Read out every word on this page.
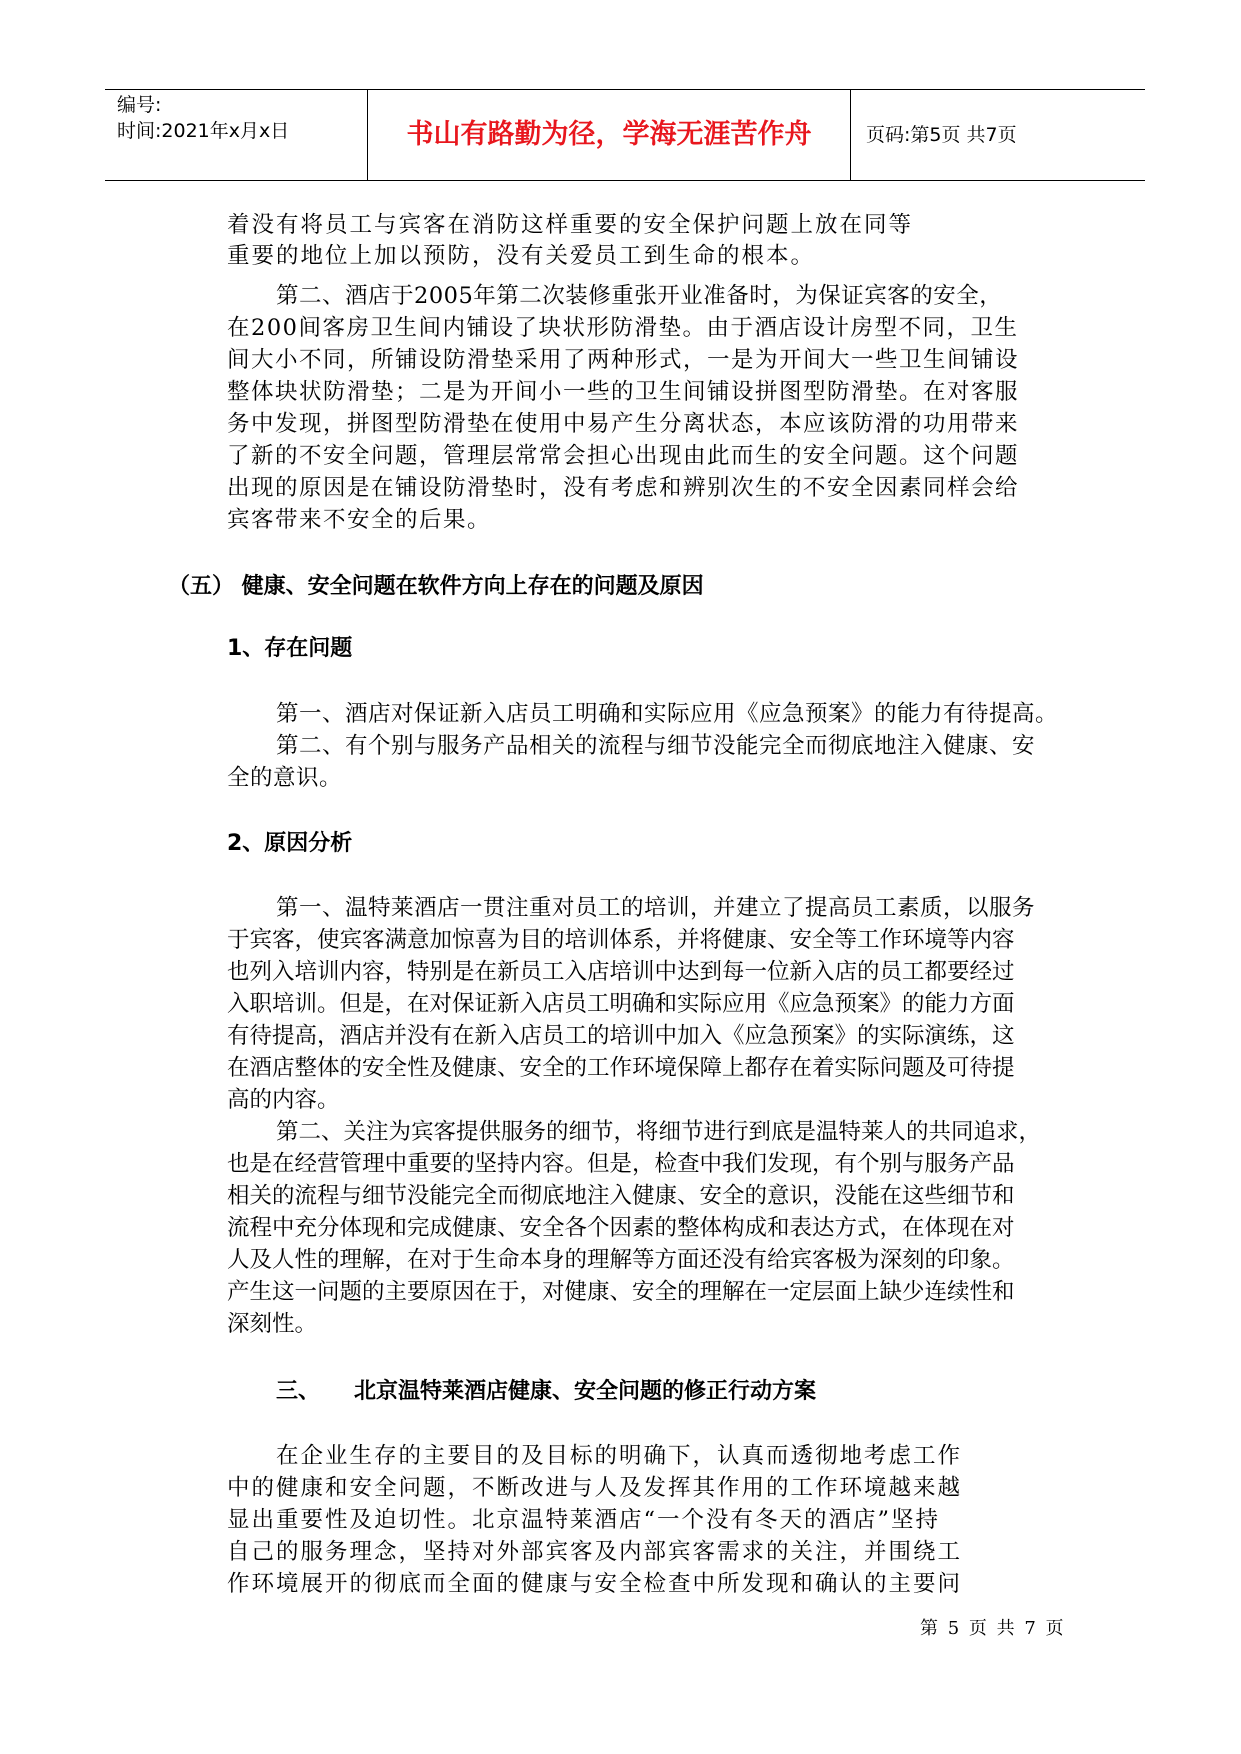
编号:
时间:2021年x月x日	书山有路勤为径，学海无涯苦作舟	页码:第5页 共7页
着没有将员工与宾客在消防这样重要的安全保护问题上放在同等
重要的地位上加以预防，没有关爱员工到生命的根本。
第二、酒店于2005年第二次装修重张开业准备时，为保证宾客的安全，
在200间客房卫生间内铺设了块状形防滑垫。由于酒店设计房型不同，卫生
间大小不同，所铺设防滑垫采用了两种形式，一是为开间大一些卫生间铺设
整体块状防滑垫；二是为开间小一些的卫生间铺设拼图型防滑垫。在对客服
务中发现，拼图型防滑垫在使用中易产生分离状态，本应该防滑的功用带来
了新的不安全问题，管理层常常会担心出现由此而生的安全问题。这个问题
出现的原因是在铺设防滑垫时，没有考虑和辨别次生的不安全因素同样会给
宾客带来不安全的后果。
（五） 健康、安全问题在软件方向上存在的问题及原因
1、存在问题
第一、酒店对保证新入店员工明确和实际应用《应急预案》的能力有待提高。
第二、有个别与服务产品相关的流程与细节没能完全而彻底地注入健康、安
全的意识。
2、原因分析
第一、温特莱酒店一贯注重对员工的培训，并建立了提高员工素质，以服务
于宾客，使宾客满意加惊喜为目的培训体系，并将健康、安全等工作环境等内容
也列入培训内容，特别是在新员工入店培训中达到每一位新入店的员工都要经过
入职培训。但是，在对保证新入店员工明确和实际应用《应急预案》的能力方面
有待提高，酒店并没有在新入店员工的培训中加入《应急预案》的实际演练，这
在酒店整体的安全性及健康、安全的工作环境保障上都存在着实际问题及可待提
高的内容。
第二、关注为宾客提供服务的细节，将细节进行到底是温特莱人的共同追求，
也是在经营管理中重要的坚持内容。但是，检查中我们发现，有个别与服务产品
相关的流程与细节没能完全而彻底地注入健康、安全的意识，没能在这些细节和
流程中充分体现和完成健康、安全各个因素的整体构成和表达方式，在体现在对
人及人性的理解，在对于生命本身的理解等方面还没有给宾客极为深刻的印象。
产生这一问题的主要原因在于，对健康、安全的理解在一定层面上缺少连续性和
深刻性。
三、 北京温特莱酒店健康、安全问题的修正行动方案
在企业生存的主要目的及目标的明确下，认真而透彻地考虑工作
中的健康和安全问题，不断改进与人及发挥其作用的工作环境越来越
显出重要性及迫切性。北京温特莱酒店“一个没有冬天的酒店”坚持
自己的服务理念，坚持对外部宾客及内部宾客需求的关注，并围绕工
作环境展开的彻底而全面的健康与安全检查中所发现和确认的主要问
第 5 页 共 7 页
